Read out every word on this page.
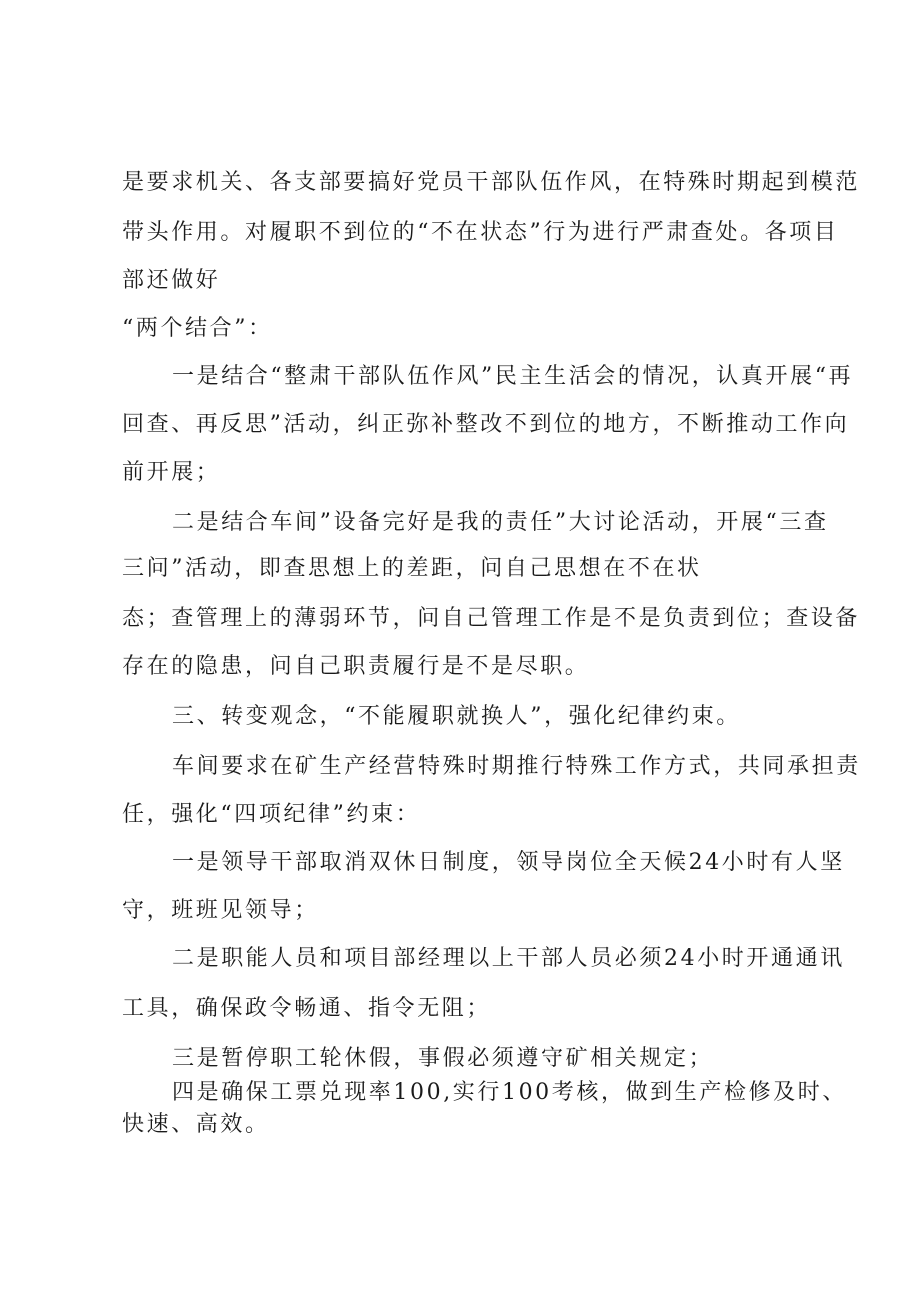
是要求机关、各支部要搞好党员干部队伍作风，在特殊时期起到模范
带头作用。对履职不到位的“不在状态”行为进行严肃查处。各项目
部还做好
“两个结合”：
一是结合“整肃干部队伍作风”民主生活会的情况，认真开展“再
回查、再反思”活动，纠正弥补整改不到位的地方，不断推动工作向
前开展；
二是结合车间”设备完好是我的责任”大讨论活动，开展“三查
三问”活动，即查思想上的差距，问自己思想在不在状
态；查管理上的薄弱环节，问自己管理工作是不是负责到位；查设备
存在的隐患，问自己职责履行是不是尽职。
三、转变观念，“不能履职就换人”，强化纪律约束。
车间要求在矿生产经营特殊时期推行特殊工作方式，共同承担责
任，强化“四项纪律”约束：
一是领导干部取消双休日制度，领导岗位全天候24小时有人坚
守，班班见领导；
二是职能人员和项目部经理以上干部人员必须24小时开通通讯
工具，确保政令畅通、指令无阻；
三是暂停职工轮休假，事假必须遵守矿相关规定；
四是确保工票兑现率100,实行100考核，做到生产检修及时、
快速、高效。
